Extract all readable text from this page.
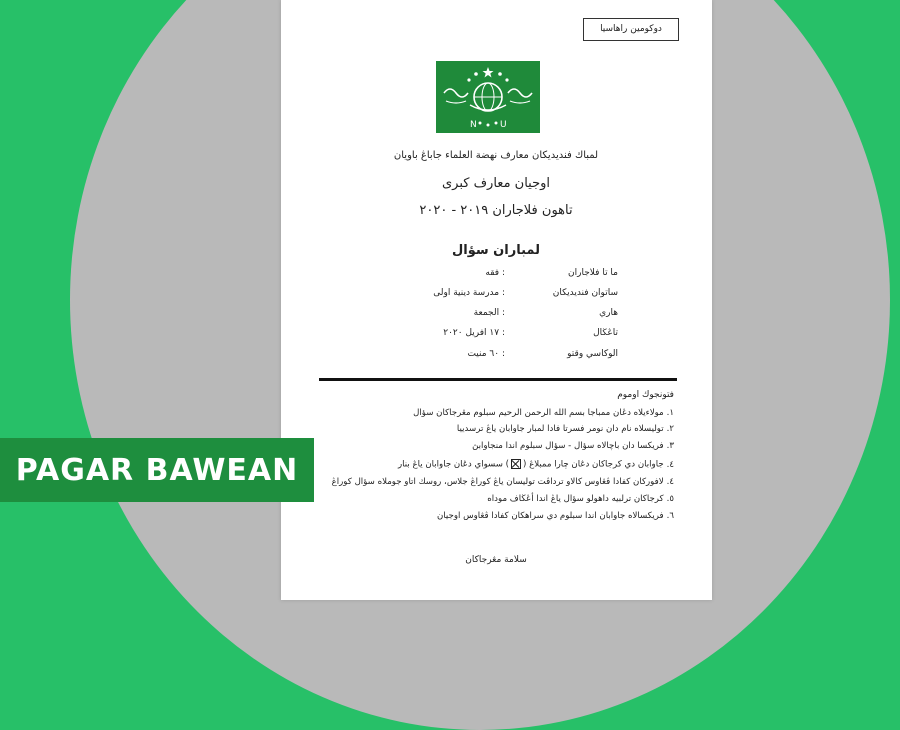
دوكومين راهاسيا
N	U
لمباك فنديديكان معارف نهضة العلماء جاباڠ باويان
اوجيان معارف كبرى
تاهون فلاجاران ٢٠١٩ - ٢٠٢٠
لمباران سؤال
ما تا فلاجاران
: فقه
ساتوان فنديديكان
: مدرسة دينية اولى
هاري
: الجمعة
تاڠڬال
: ١٧ افريل ٢٠٢٠
الوكاسي وقتو
: ٦٠ منيت
فتونجوك اوموم
١.مولاءيلاه دڠان ممباجا بسم الله الرحمن الرحيم سبلوم مڠرجاكان سؤال
٢.توليسلاه نام دان نومر فسرتا فادا لمبار جاوابان ياڠ ترسدييا
٣.فريكسا دان باچالاه سؤال - سؤال سبلوم اندا منجاوابڽ
٤.جاوابان دي كرجاكان دڠان چارا ممبلاڠ () سسواي دڠان جاوابان ياڠ بنار
٤.لافوركان كفادا ڤڠاوس كالاو ترداڤت توليسان ياڠ كوراڠ جلاس، روسك اتاو جوملاه سؤال كوراڠ
٥.كرجاكان ترلبيه داهولو سؤال ياڠ اندا أڠڬاف موداه
٦.فريكسالاه جاوابان اندا سبلوم دي سراهكان كفادا ڤڠاوس اوجيان
سلامة مڠرجاكان
PAGAR BAWEAN
